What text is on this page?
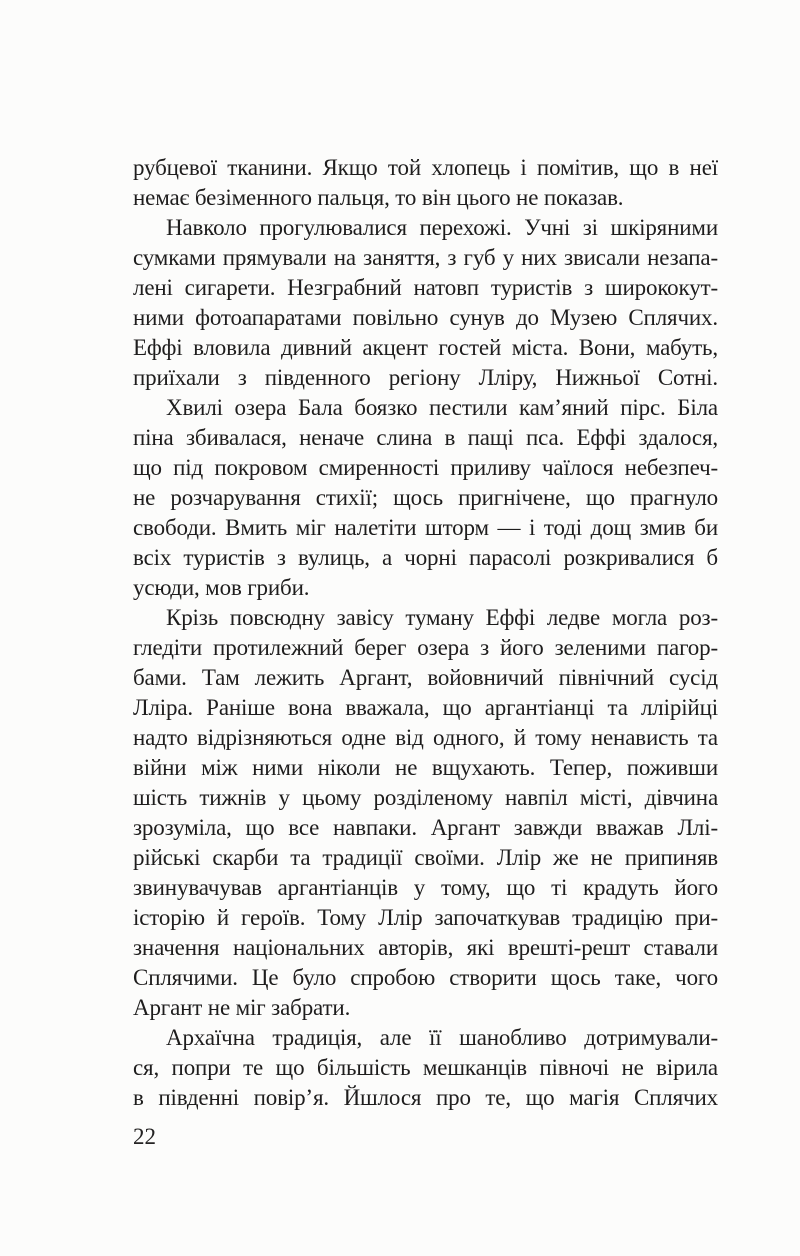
рубцевої тканини. Якщо той хлопець і помітив, що в неї
немає безіменного пальця, то він цього не показав.
Навколо прогулювалися перехожі. Учні зі шкіряними
сумками прямували на заняття, з губ у них звисали незапа-
лені сигарети. Незграбний натовп туристів з ширококут-
ними фотоапаратами повільно сунув до Музею Сплячих.
Еффі вловила дивний акцент гостей міста. Вони, мабуть,
приїхали з південного регіону Лліру, Нижньої Сотні.
Хвилі озера Бала боязко пестили кам’яний пірс. Біла
піна збивалася, неначе слина в пащі пса. Еффі здалося,
що під покровом смиренності приливу чаїлося небезпеч-
не розчарування стихії; щось пригнічене, що прагнуло
свободи. Вмить міг налетіти шторм — і тоді дощ змив би
всіх туристів з вулиць, а чорні парасолі розкривалися б
усюди, мов гриби.
Крізь повсюдну завісу туману Еффі ледве могла роз-
гледіти протилежний берег озера з його зеленими пагор-
бами. Там лежить Аргант, войовничий північний сусід
Лліра. Раніше вона вважала, що аргантіанці та ллірійці
надто відрізняються одне від одного, й тому ненависть та
війни між ними ніколи не вщухають. Тепер, поживши
шість тижнів у цьому розділеному навпіл місті, дівчина
зрозуміла, що все навпаки. Аргант завжди вважав Ллі-
рійські скарби та традиції своїми. Ллір же не припиняв
звинувачував аргантіанців у тому, що ті крадуть його
історію й героїв. Тому Ллір започаткував традицію при-
значення національних авторів, які врешті-решт ставали
Сплячими. Це було спробою створити щось таке, чого
Аргант не міг забрати.
Архаїчна традиція, але її шанобливо дотримували-
ся, попри те що більшість мешканців півночі не вірила
в південні повір’я. Йшлося про те, що магія Сплячих
22
